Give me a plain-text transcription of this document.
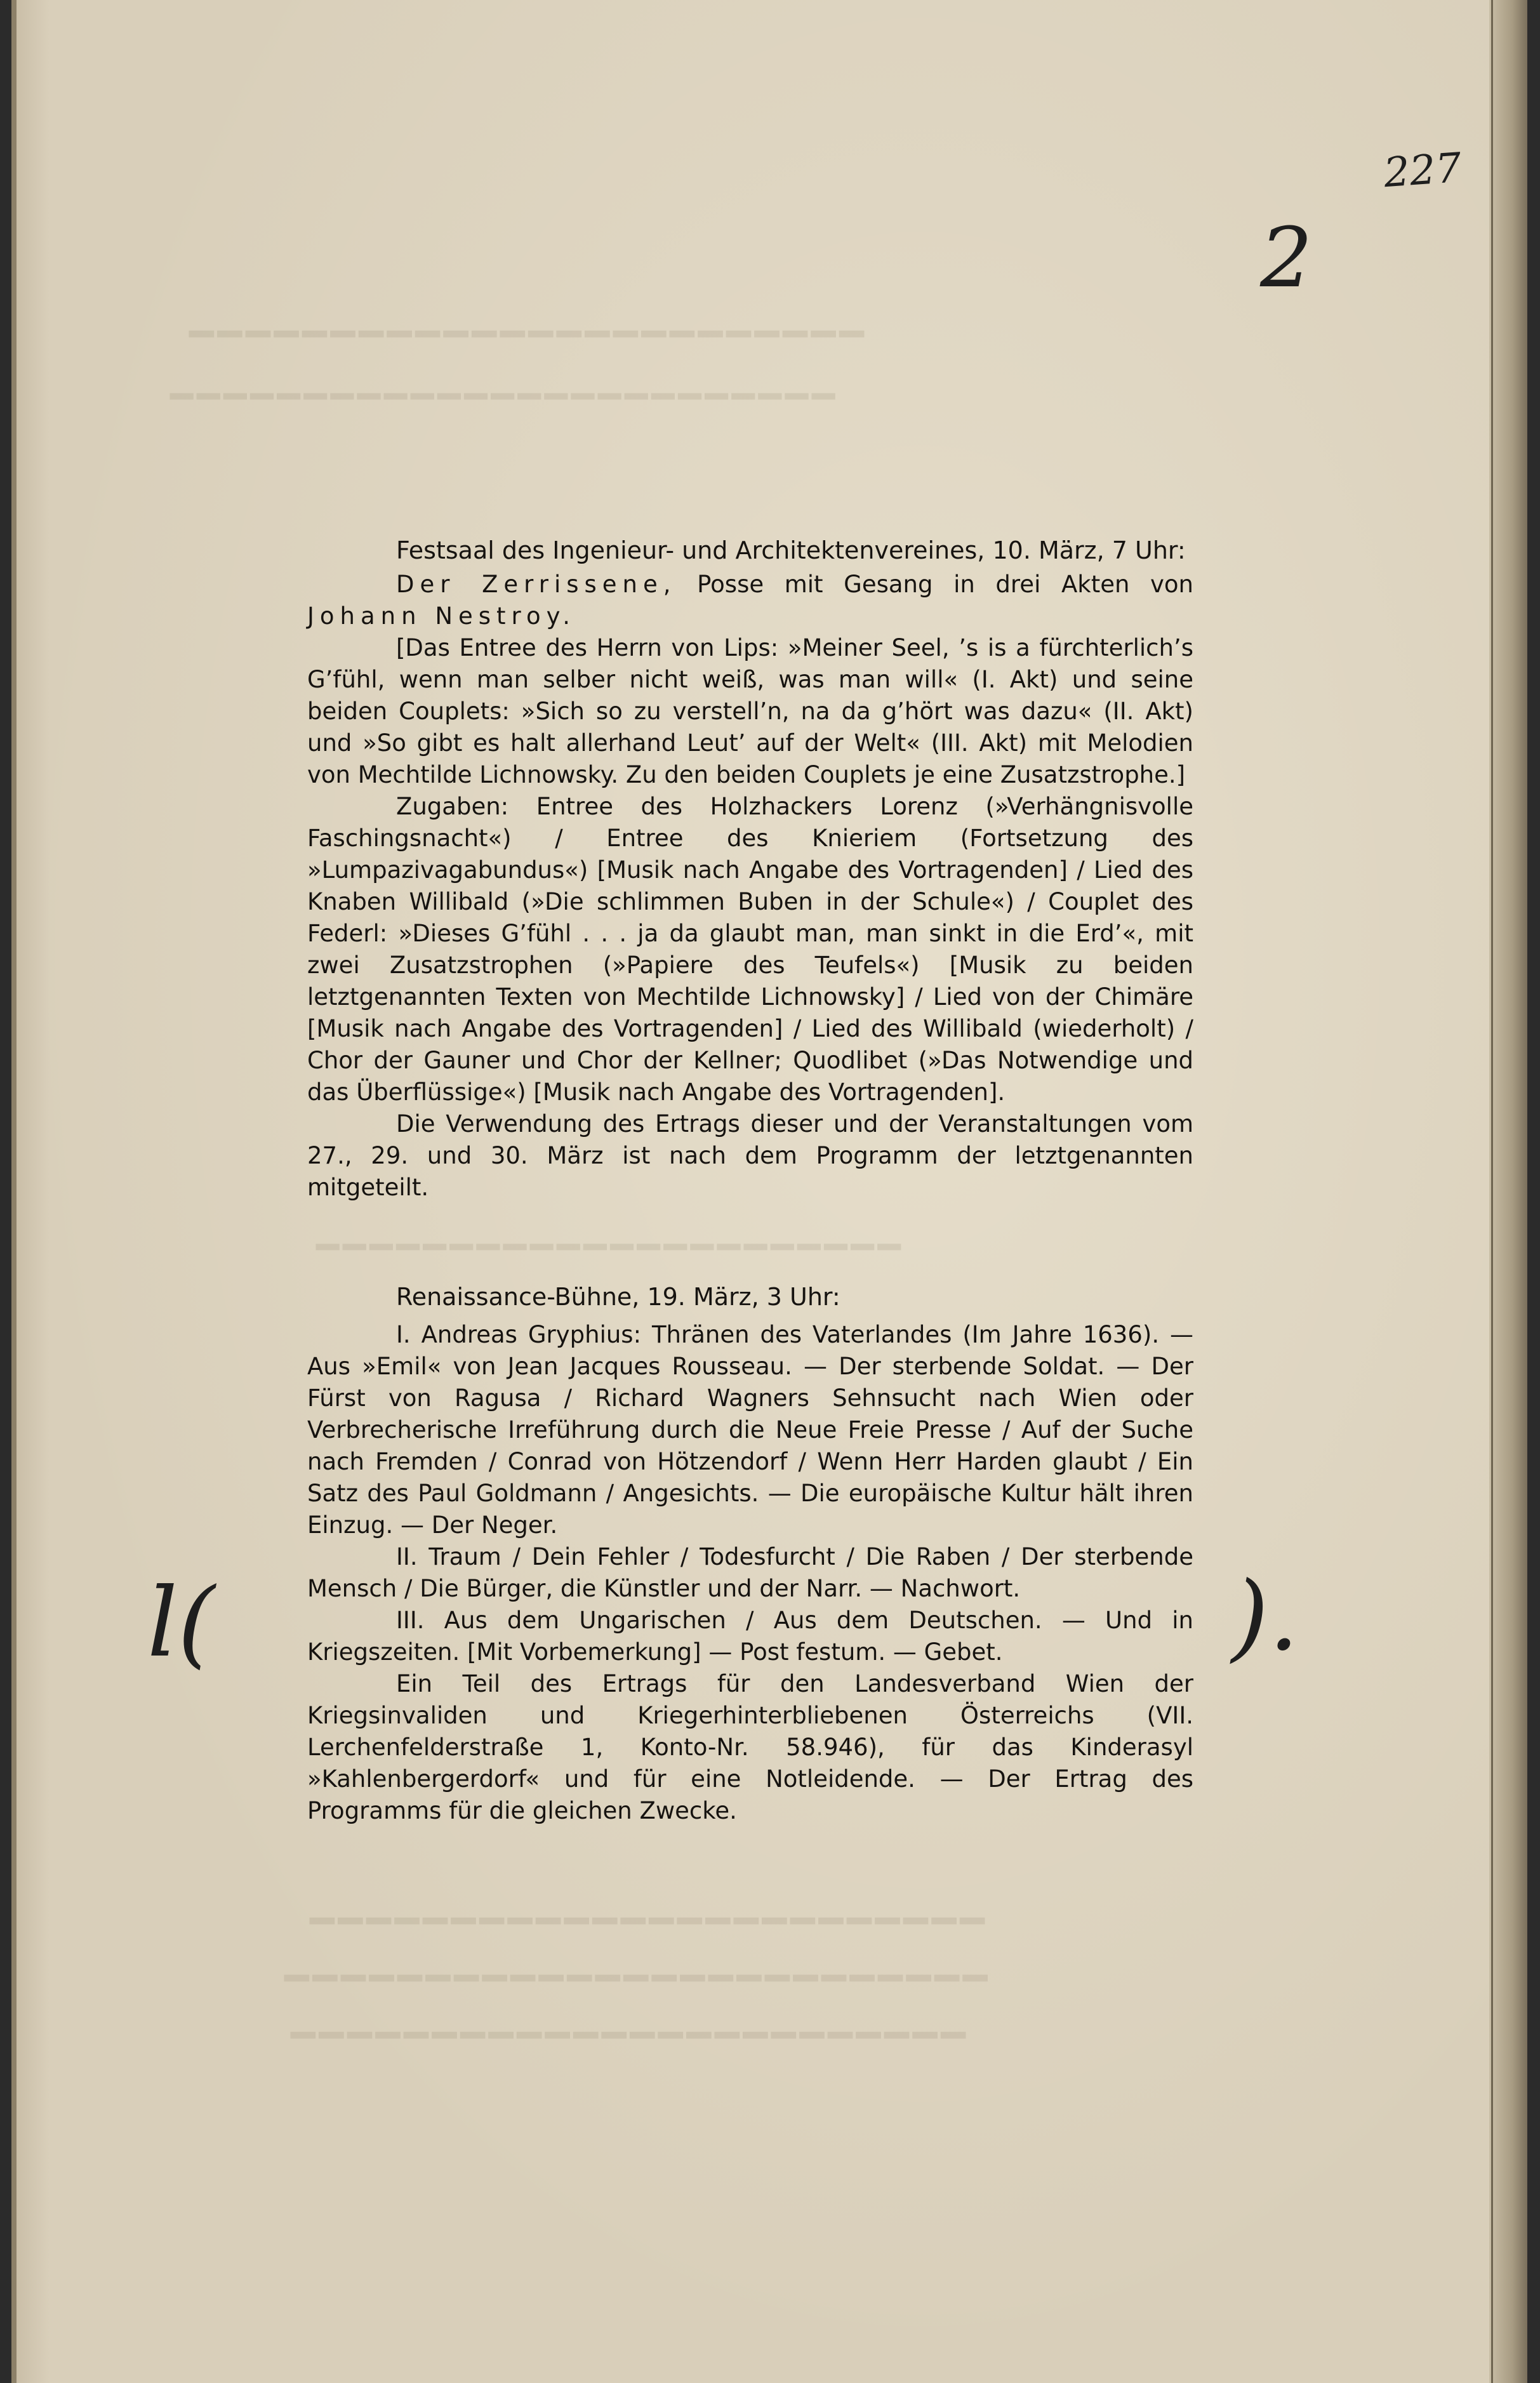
━━━━━━━━━━━━━━━━━━━━━━━━
━━━━━━━━━━━━━━━━━━━━━━━━━
━━━━━━━━━━━━━━━━━━━━━━
━━━━━━━━━━━━━━━━━━━━━━━━
━━━━━━━━━━━━━━━━━━━━━━━━━
━━━━━━━━━━━━━━━━━━━━━━━━
227
2
l(	).
Festsaal des Ingenieur- und Architektenvereines, 10. März, 7 Uhr:

Der Zerrissene, Posse mit Gesang in drei Akten von Johann Nestroy.

[Das Entree des Herrn von Lips: »Meiner Seel, ’s is a fürchterlich’s G’fühl, wenn man selber nicht weiß, was man will« (I. Akt) und seine beiden Couplets: »Sich so zu verstell’n, na da g’hört was dazu« (II. Akt) und »So gibt es halt allerhand Leut’ auf der Welt« (III. Akt) mit Melodien von Mechtilde Lichnowsky. Zu den beiden Couplets je eine Zusatzstrophe.]

Zugaben: Entree des Holzhackers Lorenz (»Verhängnisvolle Faschingsnacht«) / Entree des Knieriem (Fortsetzung des »Lumpazivagabundus«) [Musik nach Angabe des Vortragenden] / Lied des Knaben Willibald (»Die schlimmen Buben in der Schule«) / Couplet des Federl: »Dieses G’fühl . . . ja da glaubt man, man sinkt in die Erd’«, mit zwei Zusatzstrophen (»Papiere des Teufels«) [Musik zu beiden letztgenannten Texten von Mechtilde Lichnowsky] / Lied von der Chimäre [Musik nach Angabe des Vortragenden] / Lied des Willibald (wiederholt) / Chor der Gauner und Chor der Kellner; Quodlibet (»Das Notwendige und das Überflüssige«) [Musik nach Angabe des Vortragenden].

Die Verwendung des Ertrags dieser und der Veranstaltungen vom 27., 29. und 30. März ist nach dem Programm der letztgenannten mitgeteilt.

Renaissance-Bühne, 19. März, 3 Uhr:

I. Andreas Gryphius: Thränen des Vaterlandes (Im Jahre 1636). — Aus »Emil« von Jean Jacques Rousseau. — Der sterbende Soldat. — Der Fürst von Ragusa / Richard Wagners Sehnsucht nach Wien oder Verbrecherische Irreführung durch die Neue Freie Presse / Auf der Suche nach Fremden / Conrad von Hötzendorf / Wenn Herr Harden glaubt / Ein Satz des Paul Goldmann / Angesichts. — Die europäische Kultur hält ihren Einzug. — Der Neger.

II. Traum / Dein Fehler / Todesfurcht / Die Raben / Der sterbende Mensch / Die Bürger, die Künstler und der Narr. — Nachwort.

III. Aus dem Ungarischen / Aus dem Deutschen. — Und in Kriegszeiten. [Mit Vorbemerkung] — Post festum. — Gebet.

Ein Teil des Ertrags für den Landesverband Wien der Kriegsinvaliden und Kriegerhinterbliebenen Österreichs (VII. Lerchenfelderstraße 1, Konto-Nr. 58.946), für das Kinderasyl »Kahlenbergerdorf« und für eine Notleidende. — Der Ertrag des Programms für die gleichen Zwecke.
